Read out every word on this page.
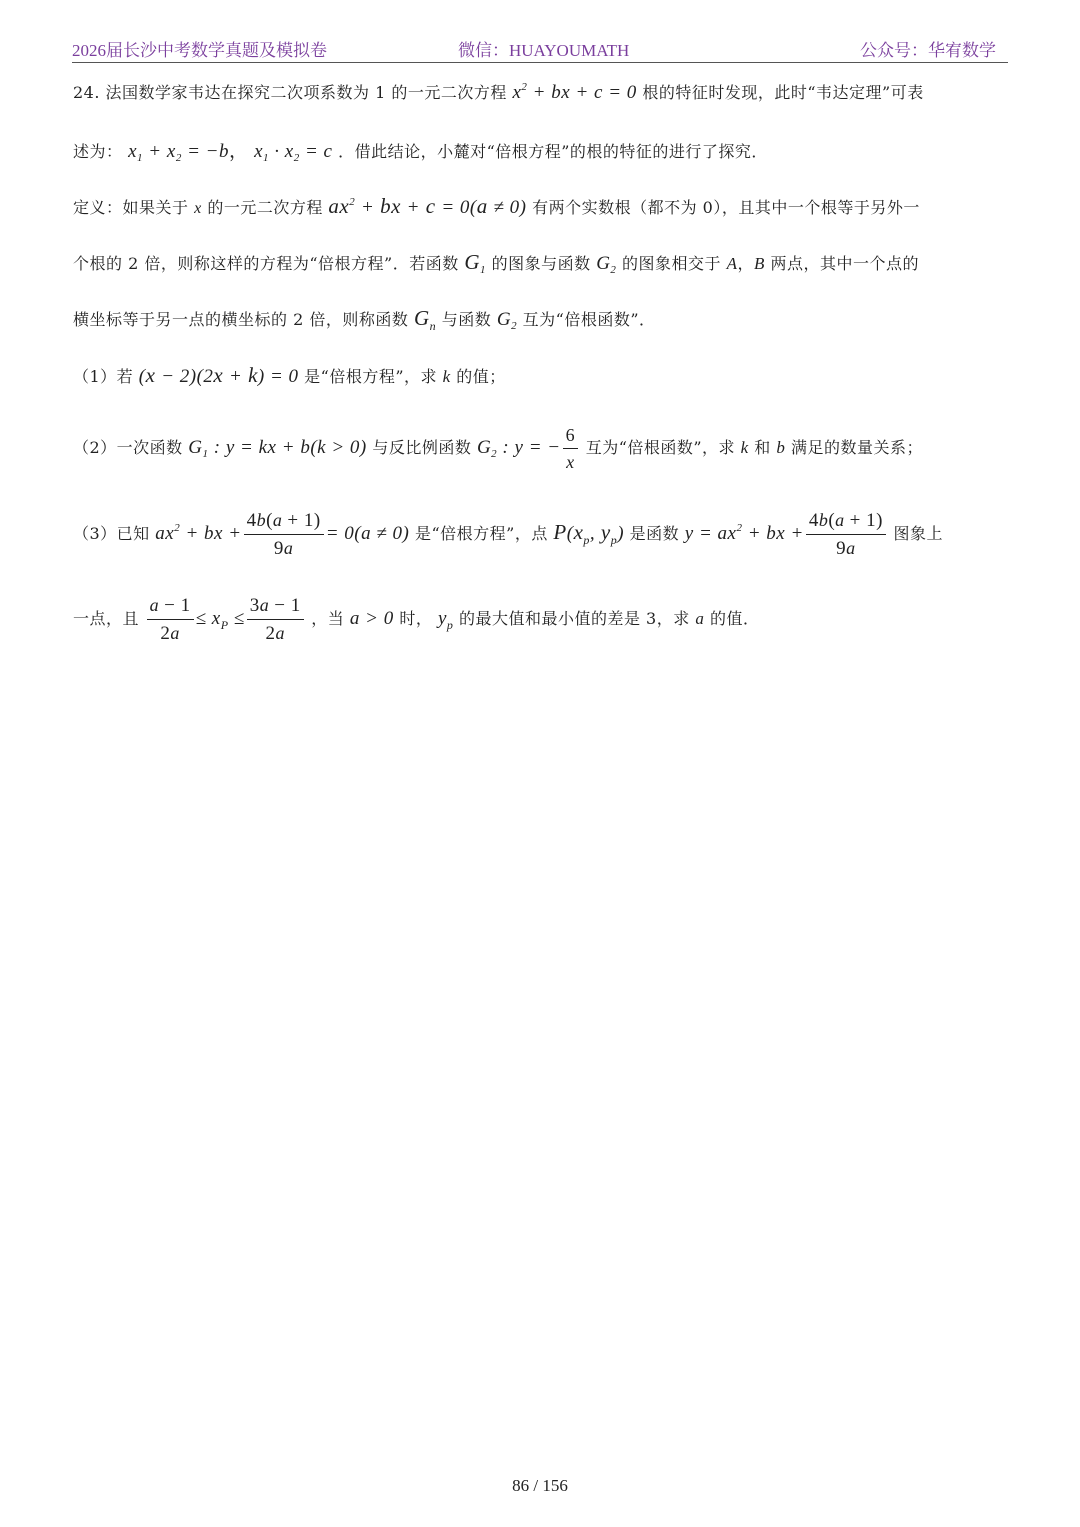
2026届长沙中考数学真题及模拟卷	微信：HUAYOUMATH	公众号：华宥数学
24. 法国数学家韦达在探究二次项系数为 1 的一元二次方程 $x^2$ + bx + c = 0 根的特征时发现，此时“韦达定理”可表
述为： $x_1 + x_2 = -b$， $x_1 \cdot x_2 = c$ ．借此结论，小麓对“倍根方程”的根的特征的进行了探究．
定义：如果关于 x 的一元二次方程 $ax^2$ + bx + c = 0(a ≠ 0) 有两个实数根（都不为 0），且其中一个根等于另外一
个根的 2 倍，则称这样的方程为“倍根方程”．若函数 $G_1$ 的图象与函数 $G_2$ 的图象相交于 A，B 两点，其中一个点的
横坐标等于另一点的横坐标的 2 倍，则称函数 $G_n$ 与函数 $G_2$ 互为“倍根函数”．
（1）若 (x − 2)(2x + k) = 0 是“倍根方程”，求 k 的值；
（2）一次函数 $G_1$ : y = kx + b(k > 0) 与反比例函数 $G_2$ : y = − $\frac{6}{x}$ 互为“倍根函数”，求 k 和 b 满足的数量关系；
（3）已知 $ax^2$ + bx + $\frac{4b(a + 1)}{9a} = 0(a \ne 0)$ 是“倍根方程”，点 $P(x_p$, $y_p$) 是函数 $y = ax^2$ + bx + $\frac{4b(a + 1)}{9a}$ 图象上
一点，且 $\frac{a - 1}{2a} \le x_P \le \frac{3a - 1}{2a}$ ，当 a > 0 时， $y_p$ 的最大值和最小值的差是 3，求 a 的值．
86 / 156
